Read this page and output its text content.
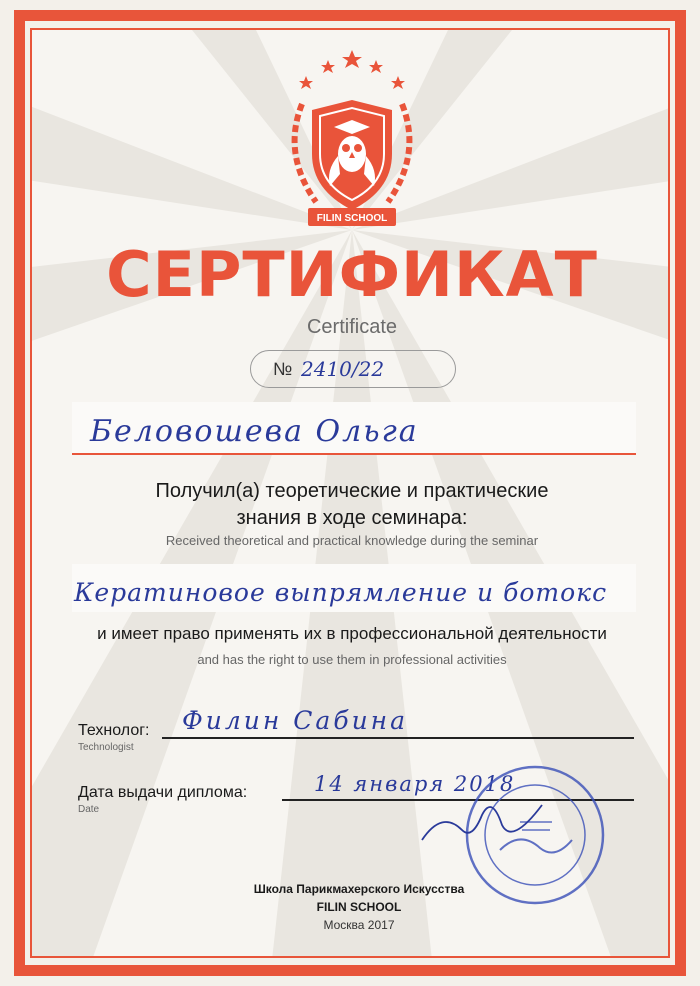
FILIN SCHOOL
СЕРТИФИКАТ
Certificate
№ 2410/22
Беловошева Ольга
Получил(а) теоретические и практические
знания в ходе семинара:
Received theoretical and practical knowledge during the seminar
Кератиновое выпрямление и ботокс
и имеет право применять их в профессиональной деятельности
and has the right to use them in professional activities
Технолог:
Technologist
Филин Сабина
Дата выдачи диплома:
Date
14 января 2018
Школа Парикмахерского Искусства
FILIN SCHOOL
Москва 2017
